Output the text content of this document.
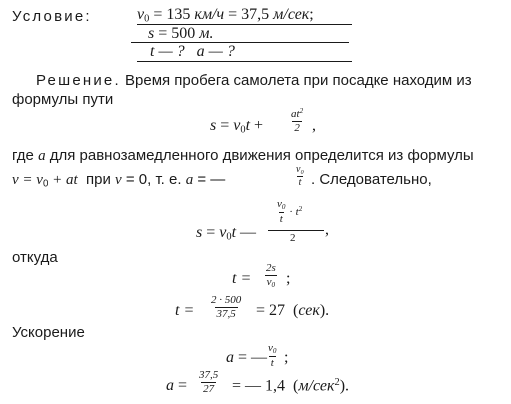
Условие:	$v_0 = 135$ км/ч = 37,5 м/сек;
s = 500 м.
t — ?   a — ?
Решение. Время пробега самолета при посадке находим из
формулы пути
$s = v_0t + \frac{at^2}{2}$ ,
где a для равнозамедленного движения определится из формулы
$v = v_0$ + at  при v = 0, т. е. a = —	$\frac{\text{v₀}}{t}$ . Следовательно,
$s = v_0t$ —
$\frac{v_0}{t} \cdot t^2$
2 ,
откуда
$t = \frac{2s}{v_0}$ ;
$t = \frac{2 \cdot 500}{37,5} = 27$  (сек).
Ускорение
a = —
$\frac{v_0}{t}$ ;
$a = \frac{37,5}{27}$ = — 1,4  (м/сек$^2$).
